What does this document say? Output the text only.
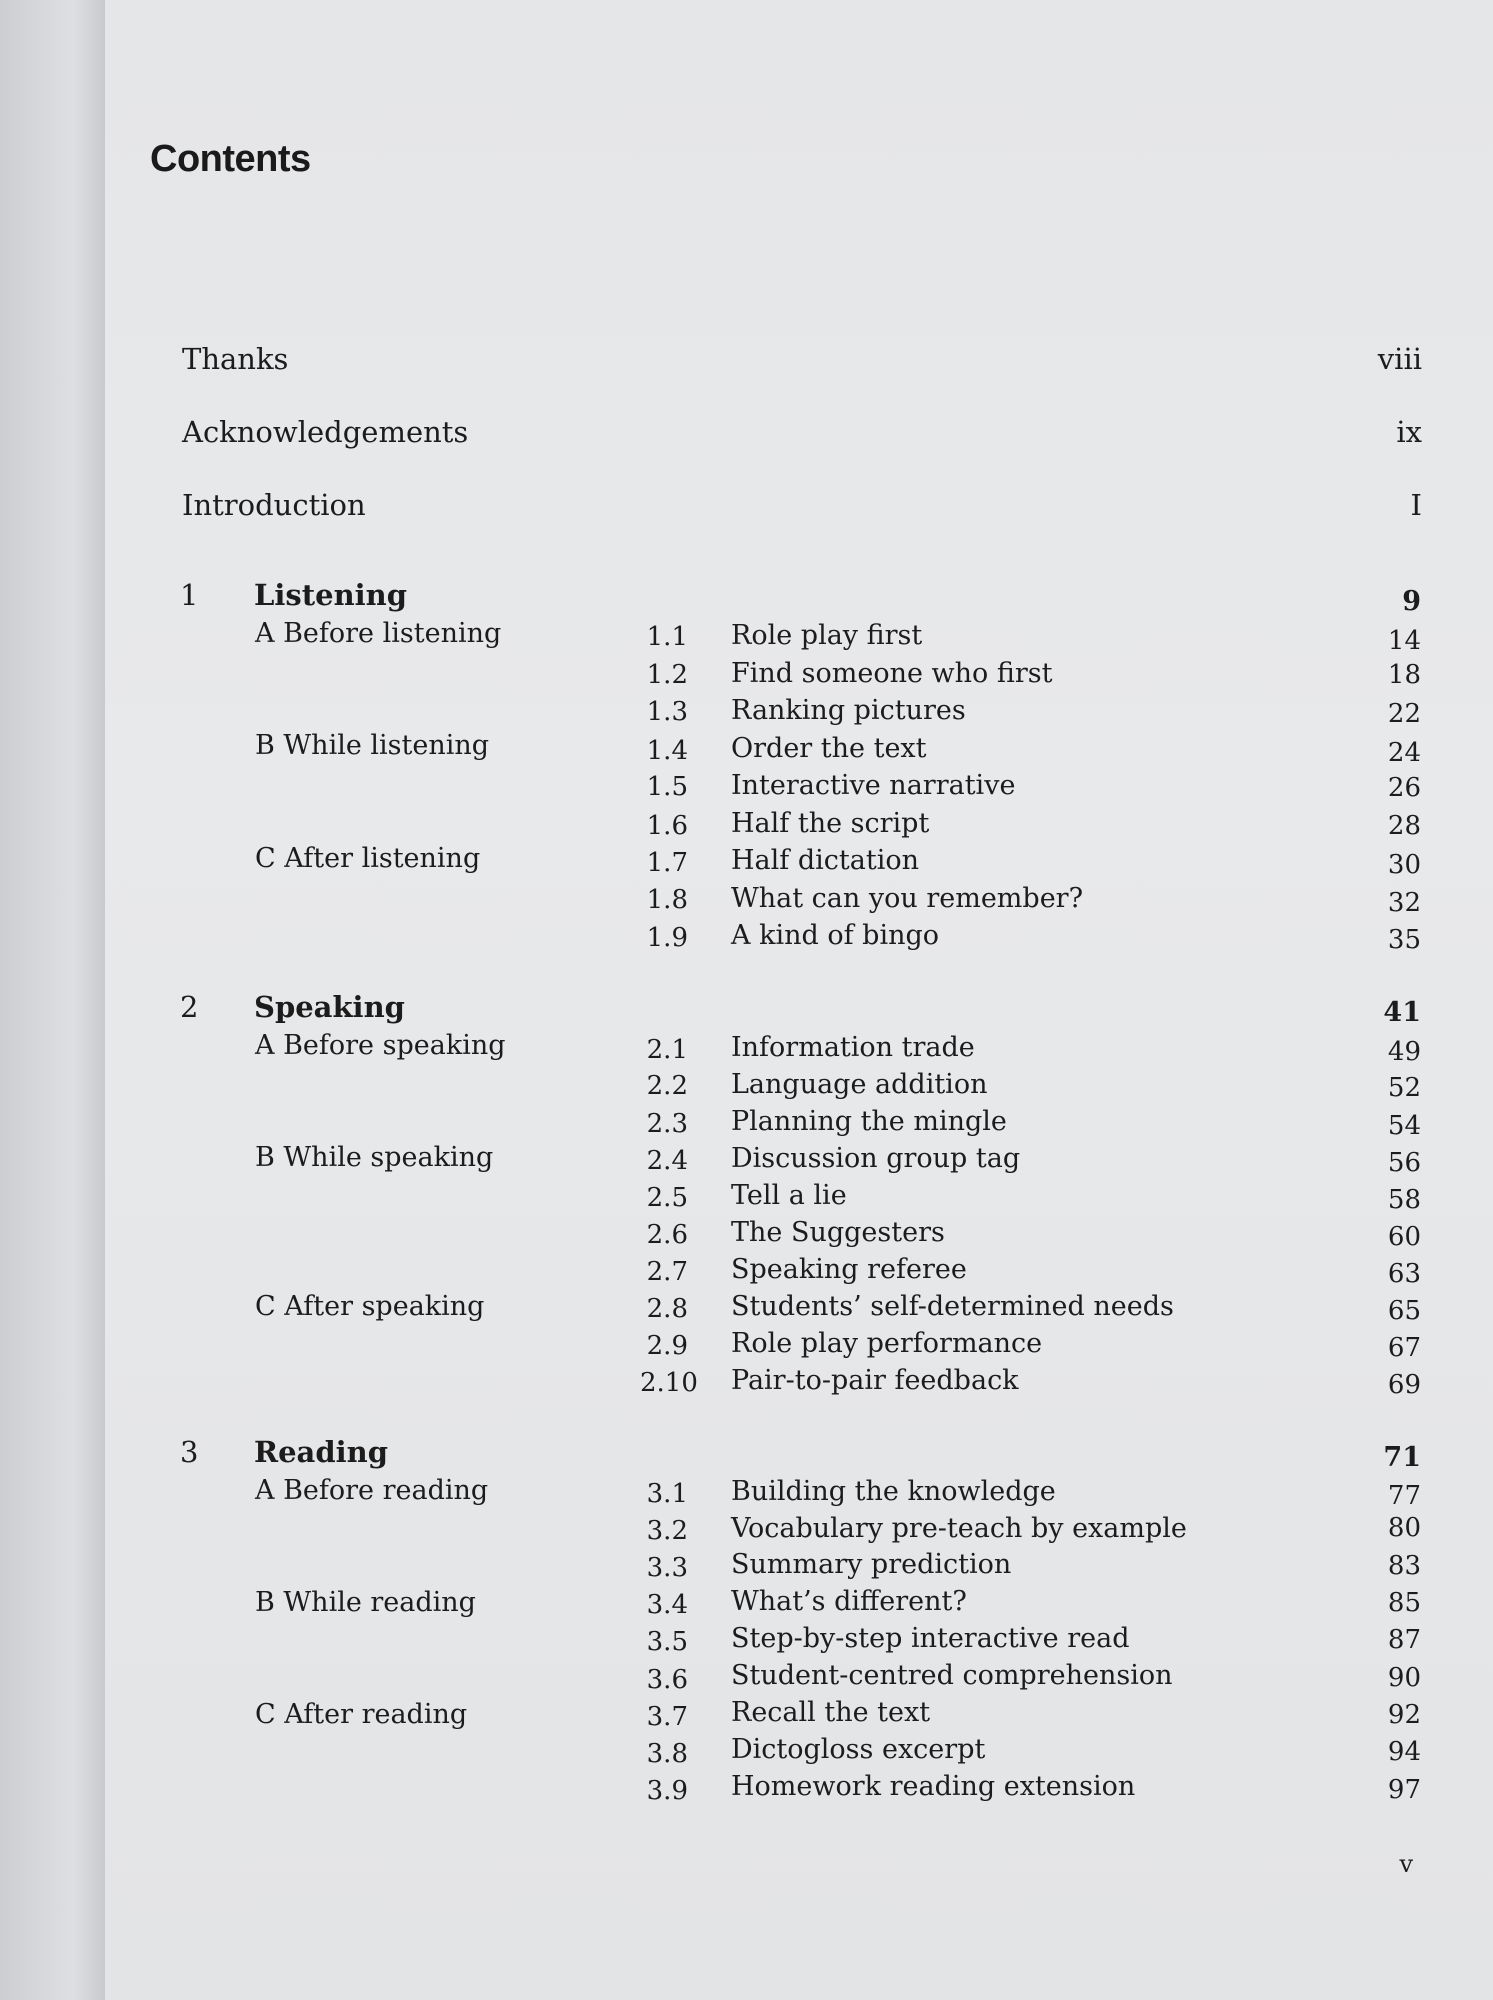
Contents
Thanks	viii
Acknowledgements	ix
Introduction	I
1 Listening	9
A Before listening
B While listening
C After listening
1.1 Role play first	14
1.2 Find someone who first	18
1.3 Ranking pictures	22
1.4 Order the text	24
1.5 Interactive narrative	26
1.6 Half the script	28
1.7 Half dictation	30
1.8 What can you remember?	32
1.9 A kind of bingo	35
2 Speaking	41
A Before speaking
B While speaking
C After speaking
2.1 Information trade	49
2.2 Language addition	52
2.3 Planning the mingle	54
2.4 Discussion group tag	56
2.5 Tell a lie	58
2.6 The Suggesters	60
2.7 Speaking referee	63
2.8 Students’ self-determined needs	65
2.9 Role play performance	67
2.10 Pair-to-pair feedback	69
3 Reading	71
A Before reading
B While reading
C After reading
3.1 Building the knowledge	77
3.2 Vocabulary pre-teach by example	80
3.3 Summary prediction	83
3.4 What’s different?	85
3.5 Step-by-step interactive read	87
3.6 Student-centred comprehension	90
3.7 Recall the text	92
3.8 Dictogloss excerpt	94
3.9 Homework reading extension	97
v
